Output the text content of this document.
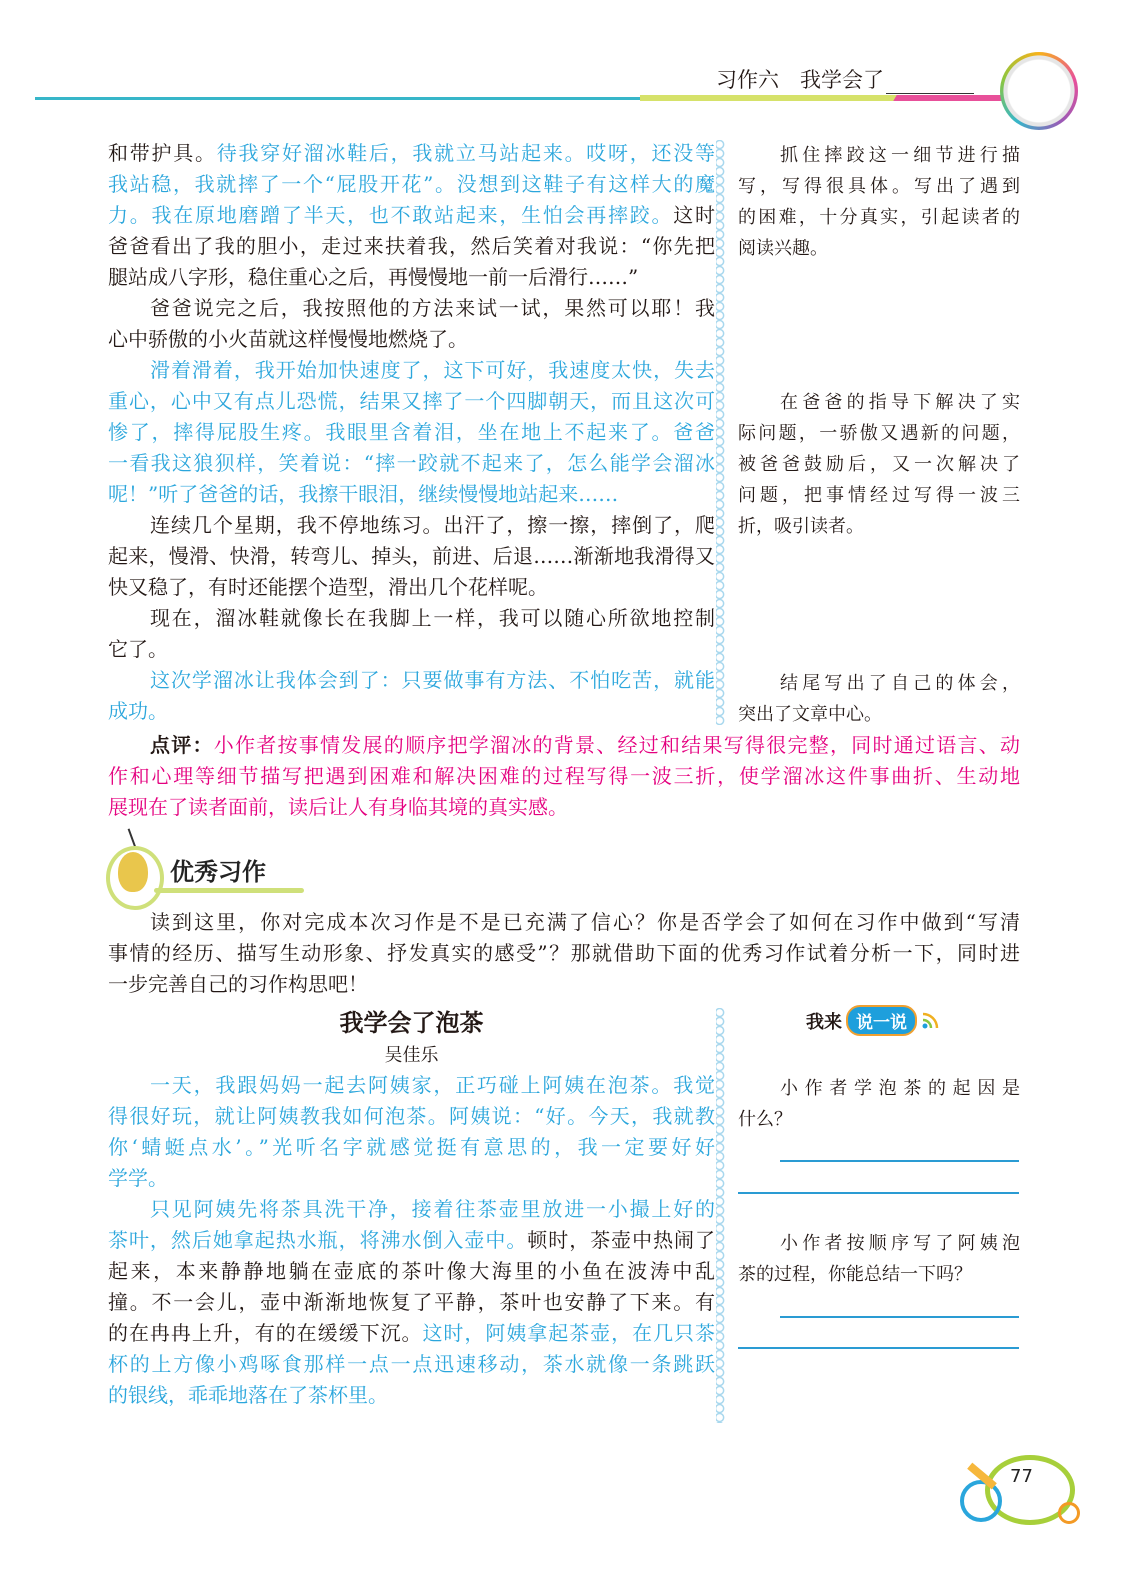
习作六　 我学会了
和带护具。待我穿好溜冰鞋后，我就立马站起来。哎呀，还没等
我站稳，我就摔了一个“屁股开花”。没想到这鞋子有这样大的魔
力。我在原地磨蹭了半天，也不敢站起来，生怕会再摔跤。这时
爸爸看出了我的胆小，走过来扶着我，然后笑着对我说：“你先把
腿站成八字形，稳住重心之后，再慢慢地一前一后滑行……”
爸爸说完之后，我按照他的方法来试一试，果然可以耶！我
心中骄傲的小火苗就这样慢慢地燃烧了。
滑着滑着，我开始加快速度了，这下可好，我速度太快，失去
重心，心中又有点儿恐慌，结果又摔了一个四脚朝天，而且这次可
惨了，摔得屁股生疼。我眼里含着泪，坐在地上不起来了。爸爸
一看我这狼狈样，笑着说：“摔一跤就不起来了，怎么能学会溜冰
呢！”听了爸爸的话，我擦干眼泪，继续慢慢地站起来……
连续几个星期，我不停地练习。出汗了，擦一擦，摔倒了，爬
起来，慢滑、快滑，转弯儿、掉头，前进、后退……渐渐地我滑得又
快又稳了，有时还能摆个造型，滑出几个花样呢。
现在，溜冰鞋就像长在我脚上一样，我可以随心所欲地控制
它了。
这次学溜冰让我体会到了：只要做事有方法、不怕吃苦，就能
成功。
抓住摔跤这一细节进行描
写，写得很具体。写出了遇到
的困难，十分真实，引起读者的
阅读兴趣。
在爸爸的指导下解决了实
际问题，一骄傲又遇新的问题，
被爸爸鼓励后，又一次解决了
问题，把事情经过写得一波三
折，吸引读者。
结尾写出了自己的体会，
突出了文章中心。
点评：小作者按事情发展的顺序把学溜冰的背景、经过和结果写得很完整，同时通过语言、动
作和心理等细节描写把遇到困难和解决困难的过程写得一波三折，使学溜冰这件事曲折、生动地
展现在了读者面前，读后让人有身临其境的真实感。
优秀习作
读到这里，你对完成本次习作是不是已充满了信心？你是否学会了如何在习作中做到“写清
事情的经历、描写生动形象、抒发真实的感受”？那就借助下面的优秀习作试着分析一下，同时进
一步完善自己的习作构思吧！
我学会了泡茶
吴佳乐
一天，我跟妈妈一起去阿姨家，正巧碰上阿姨在泡茶。我觉
得很好玩，就让阿姨教我如何泡茶。阿姨说：“好。今天，我就教
你‘蜻蜓点水’。”光听名字就感觉挺有意思的，我一定要好好
学学。
只见阿姨先将茶具洗干净，接着往茶壶里放进一小撮上好的
茶叶，然后她拿起热水瓶，将沸水倒入壶中。顿时，茶壶中热闹了
起来，本来静静地躺在壶底的茶叶像大海里的小鱼在波涛中乱
撞。不一会儿，壶中渐渐地恢复了平静，茶叶也安静了下来。有
的在冉冉上升，有的在缓缓下沉。这时，阿姨拿起茶壶，在几只茶
杯的上方像小鸡啄食那样一点一点迅速移动，茶水就像一条跳跃
的银线，乖乖地落在了茶杯里。
我来 说一说
小作者学泡茶的起因是
什么？
小作者按顺序写了阿姨泡
茶的过程，你能总结一下吗？
77
